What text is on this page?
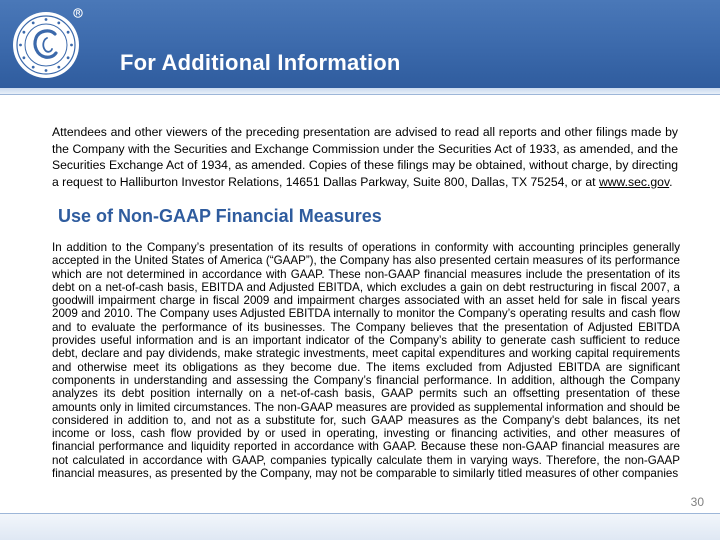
For Additional Information

Attendees and other viewers of the preceding presentation are advised to read all reports and other filings made by the Company with the Securities and Exchange Commission under the Securities Act of 1933, as amended, and the Securities Exchange Act of 1934, as amended. Copies of these filings may be obtained, without charge, by directing a request to Halliburton Investor Relations, 14651 Dallas Parkway, Suite 800, Dallas, TX 75254, or at www.sec.gov.

Use of Non-GAAP Financial Measures

In addition to the Company’s presentation of its results of operations in conformity with accounting principles generally accepted in the United States of America (“GAAP”), the Company has also presented certain measures of its performance which are not determined in accordance with GAAP. These non-GAAP financial measures include the presentation of its debt on a net-of-cash basis, EBITDA and Adjusted EBITDA, which excludes a gain on debt restructuring in fiscal 2007, a goodwill impairment charge in fiscal 2009 and impairment charges associated with an asset held for sale in fiscal years 2009 and 2010. The Company uses Adjusted EBITDA internally to monitor the Company’s operating results and cash flow and to evaluate the performance of its businesses. The Company believes that the presentation of Adjusted EBITDA provides useful information and is an important indicator of the Company’s ability to generate cash sufficient to reduce debt, declare and pay dividends, make strategic investments, meet capital expenditures and working capital requirements and otherwise meet its obligations as they become due. The items excluded from Adjusted EBITDA are significant components in understanding and assessing the Company’s financial performance. In addition, although the Company analyzes its debt position internally on a net-of-cash basis, GAAP permits such an offsetting presentation of these amounts only in limited circumstances. The non-GAAP measures are provided as supplemental information and should be considered in addition to, and not as a substitute for, such GAAP measures as the Company's debt balances, its net income or loss, cash flow provided by or used in operating, investing or financing activities, and other measures of financial performance and liquidity reported in accordance with GAAP. Because these non-GAAP financial measures are not calculated in accordance with GAAP, companies typically calculate them in varying ways. Therefore, the non-GAAP financial measures, as presented by the Company, may not be comparable to similarly titled measures of other companies

30
